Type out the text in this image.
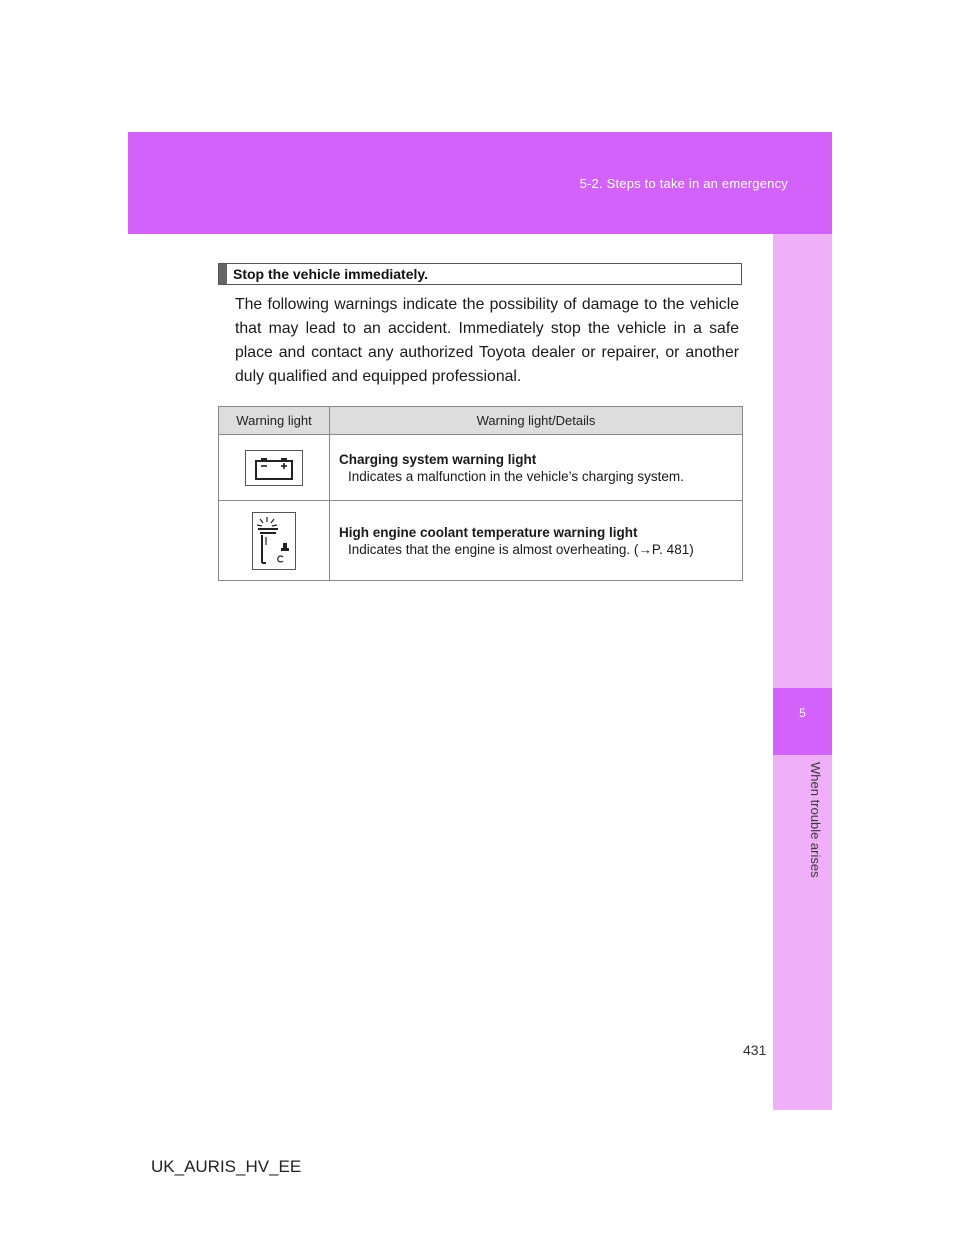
5-2. Steps to take in an emergency
5
When trouble arises
Stop the vehicle immediately.

The following warnings indicate the possibility of damage to the vehicle that may lead to an accident. Immediately stop the vehicle in a safe place and contact any authorized Toyota dealer or repairer, or another duly qualified and equipped professional.

Warning light	Warning light/Details

Charging system warning light
Indicates a malfunction in the vehicle’s charging system.

High engine coolant temperature warning light
Indicates that the engine is almost overheating. (→P. 481)
431
UK_AURIS_HV_EE
